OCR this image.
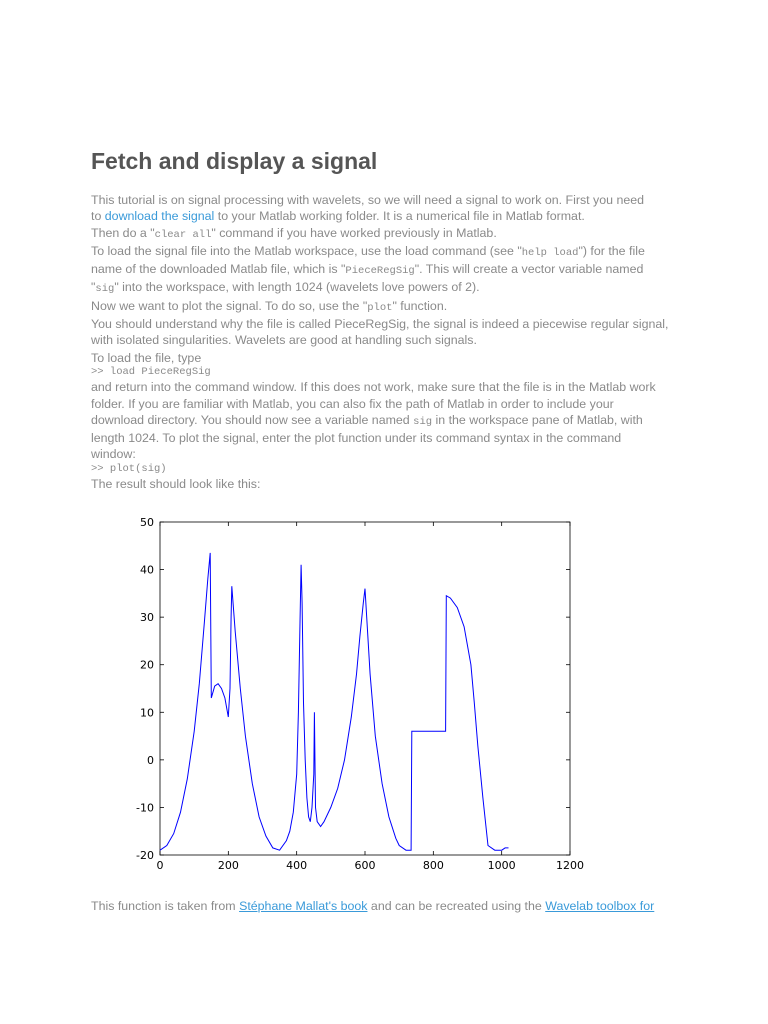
Fetch and display a signal
This tutorial is on signal processing with wavelets, so we will need a signal to work on. First you need
to download the signal to your Matlab working folder. It is a numerical file in Matlab format.
Then do a "clear all" command if you have worked previously in Matlab.
To load the signal file into the Matlab workspace, use the load command (see "help load") for the file
name of the downloaded Matlab file, which is "PieceRegSig". This will create a vector variable named
"sig" into the workspace, with length 1024 (wavelets love powers of 2).
Now we want to plot the signal. To do so, use the "plot" function.
You should understand why the file is called PieceRegSig, the signal is indeed a piecewise regular signal,
with isolated singularities. Wavelets are good at handling such signals.
To load the file, type
>> load PieceRegSig
and return into the command window. If this does not work, make sure that the file is in the Matlab work
folder. If you are familiar with Matlab, you can also fix the path of Matlab in order to include your
download directory. You should now see a variable named sig in the workspace pane of Matlab, with
length 1024. To plot the signal, enter the plot function under its command syntax in the command
window:
>> plot(sig)
The result should look like this:
This function is taken from Stéphane Mallat's book and can be recreated using the Wavelab toolbox for
0	200	400	600	800	1000	1200
-20
-10
0
10
20
30
40
50
